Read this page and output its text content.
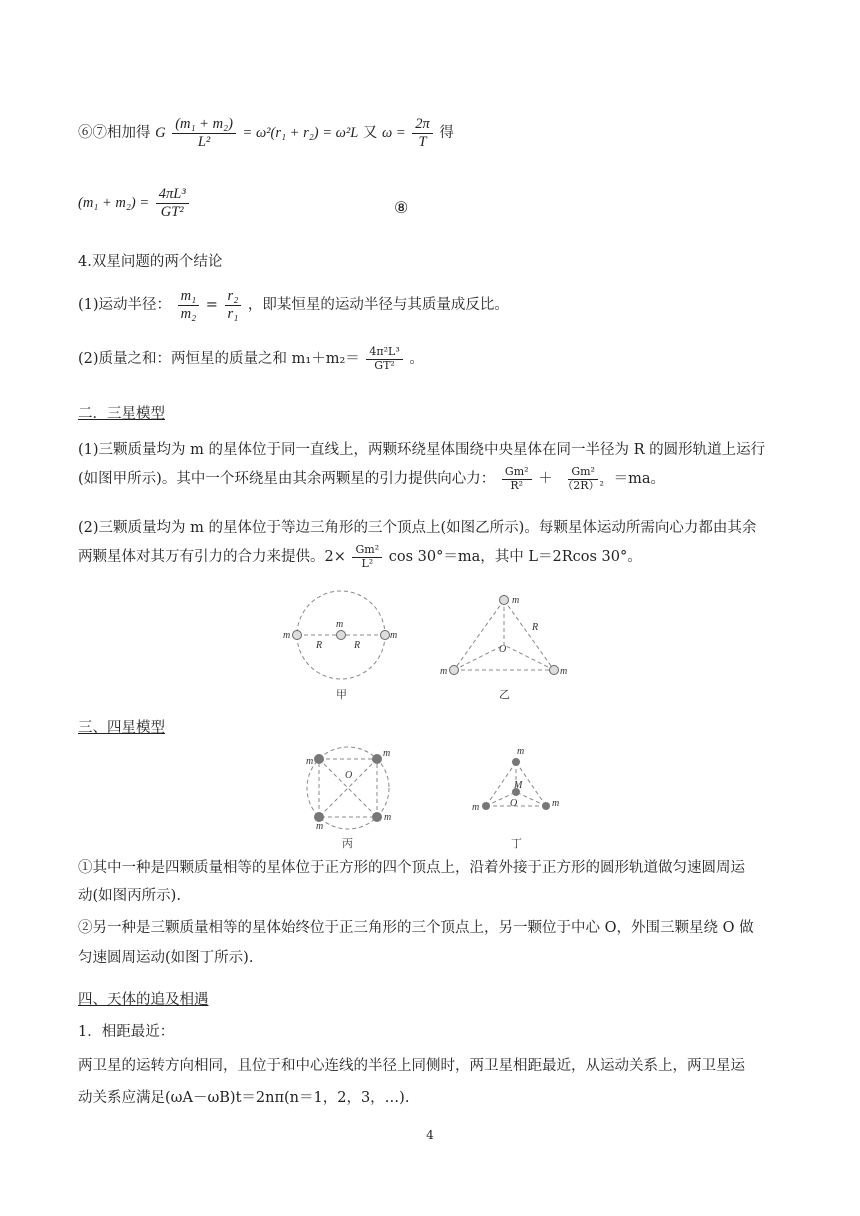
⑥⑦相加得 G $\frac{\text{(m₁ + m₂)}}{\text{L²}} = \omega^2(r_1 + r_2) = \omega^2L$ 又 $\omega = \frac{2\pi}{T}$ 得
$(m_1 + m_2) = \frac{\text{4πL³}}{\text{GT²}}$	⑧
4.双星问题的两个结论
(1)运动半径： $\frac{\text{m₁}}{\text{m₂}} = \frac{\text{r₂}}{\text{r₁}}$ ，即某恒星的运动半径与其质量成反比。
(2)质量之和：两恒星的质量之和 $m_1+m_2= \frac{\text{4π²L³}}{\text{GT²}}$ 。
二．三星模型
(1)三颗质量均为 m 的星体位于同一直线上，两颗环绕星体围绕中央星体在同一半径为 R 的圆形轨道上运行
(如图甲所示)。其中一个环绕星由其余两颗星的引力提供向心力： $\frac{\text{Gm²}}{\text{R²}} + \frac{\text{Gm²}}{\text{（2R）²}} =ma$。
(2)三颗质量均为 m 的星体位于等边三角形的三个顶点上(如图乙所示)。每颗星体运动所需向心力都由其余
两颗星体对其万有引力的合力来提供。$2\times \frac{\text{Gm²}}{\text{L²}}$ cos 30°＝ma，其中 L＝2Rcos 30°。
m
m
m
R	R
甲
m
m	m
R
O
乙
三、四星模型
m
m
m
m
O
丙
m
m	m
M
O
丁
①其中一种是四颗质量相等的星体位于正方形的四个顶点上，沿着外接于正方形的圆形轨道做匀速圆周运
动(如图丙所示).
②另一种是三颗质量相等的星体始终位于正三角形的三个顶点上，另一颗位于中心 O，外围三颗星绕 O 做
匀速圆周运动(如图丁所示).
四、天体的追及相遇
1．相距最近：
两卫星的运转方向相同，且位于和中心连线的半径上同侧时，两卫星相距最近，从运动关系上，两卫星运
动关系应满足(ωA－ωB)t＝2nπ(n＝1，2，3，…).
4
